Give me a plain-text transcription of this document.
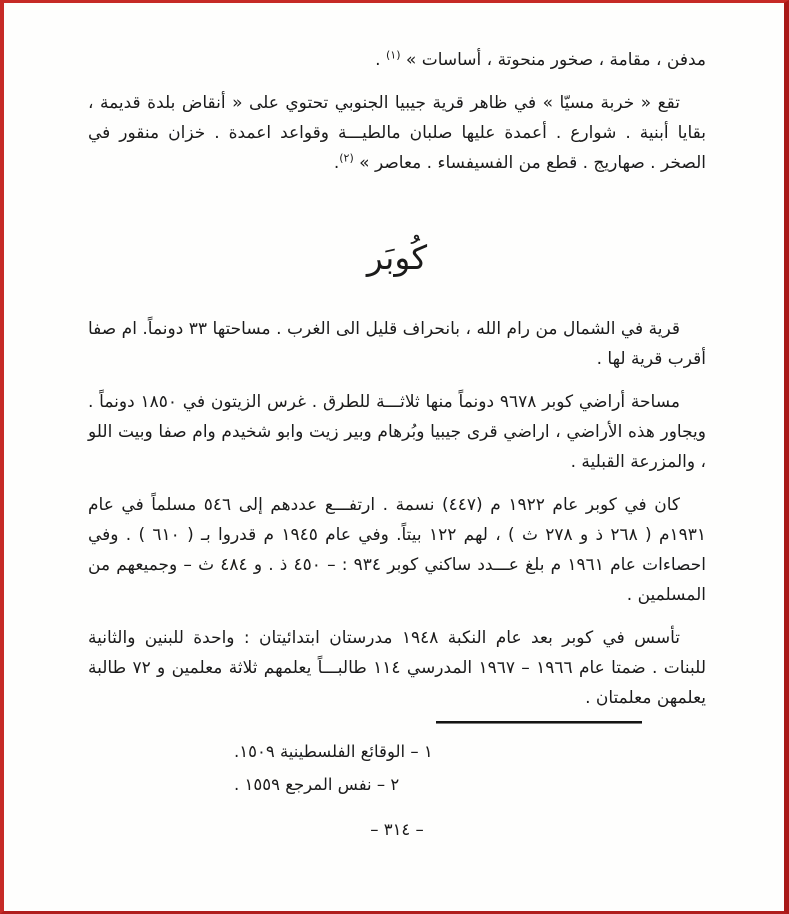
مدفن ، مقامة ، صخور منحوتة ، أساسات » $^{(١)}$ .

تقع « خربة مسيّا » في ظاهر قرية جيبيا الجنوبي تحتوي على « أنقاض بلدة قديمة ، بقايا أبنية . شوارع . أعمدة عليها صلبان مالطيـــة وقواعد اعمدة . خزان منقور في الصخر . صهاريج . قطع من الفسيفساء . معاصر » $^{(٢)}$.

كُوبَر

قرية في الشمال من رام الله ، بانحراف قليل الى الغرب . مساحتها ٣٣ دونماً. ام صفا أقرب قرية لها .

مساحة أراضي كوبر ٩٦٧٨ دونماً منها ثلاثـــة للطرق . غرس الزيتون في ١٨٥٠ دونماً . ويجاور هذه الأراضي ، اراضي قرى جيبيا وبُرهام وبير زيت وابو شخيدم وام صفا وبيت اللو ، والمزرعة القبلية .

كان في كوبر عام ١٩٢٢ م (٤٤٧) نسمة . ارتفـــع عددهم إلى ٥٤٦ مسلماً في عام ١٩٣١م ( ٢٦٨ ذ و ٢٧٨ ث ) ، لهم ١٢٢ بيتاً. وفي عام ١٩٤٥ م قدروا بـ ( ٦١٠ ) . وفي احصاءات عام ١٩٦١ م بلغ عـــدد ساكني كوبر ٩٣٤ : – ٤٥٠ ذ . و ٤٨٤ ث – وجميعهم من المسلمين .

تأسس في كوبر بعد عام النكبة ١٩٤٨ مدرستان ابتدائيتان : واحدة للبنين والثانية للبنات . ضمتا عام ١٩٦٦ – ١٩٦٧ المدرسي ١١٤ طالبـــاً يعلمهم ثلاثة معلمين و ٧٢ طالبة يعلمهن معلمتان .

١ – الوقائع الفلسطينية ١٥٠٩.
٢ – نفس المرجع ١٥٥٩ .
– ٣١٤ –
